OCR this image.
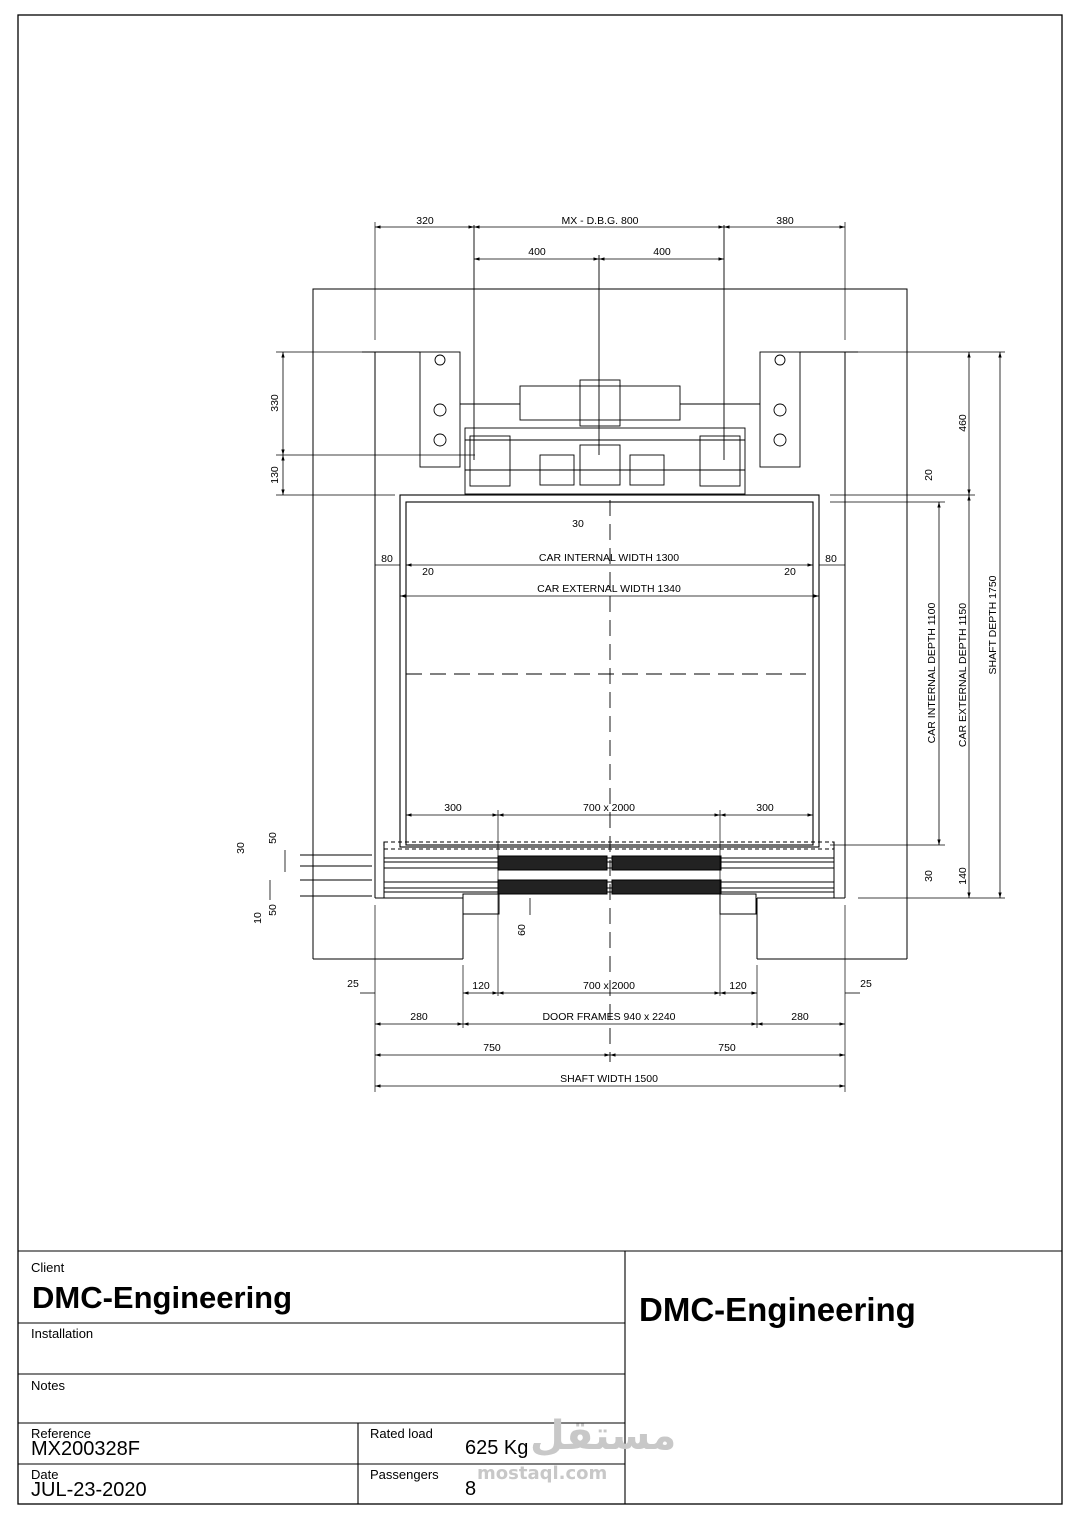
320	MX - D.B.G. 800	380
400	400
30
80	80
CAR INTERNAL WIDTH 1300
20	20
CAR EXTERNAL WIDTH 1340
300	700 x 2000	300
25	25
120	700 x 2000	120
280	DOOR FRAMES 940 x 2240	280
750	750
SHAFT WIDTH 1500
330
130
460
20
CAR INTERNAL DEPTH 1100 CAR EXTERNAL DEPTH 1150 SHAFT DEPTH 1750
30 140
30
50
10
50
60
Client
DMC-Engineering
Installation
Notes
Reference
MX200328F
Rated load
625 Kg
Date
JUL-23-2020
Passengers
8
DMC-Engineering
مستقل
mostaql.com
